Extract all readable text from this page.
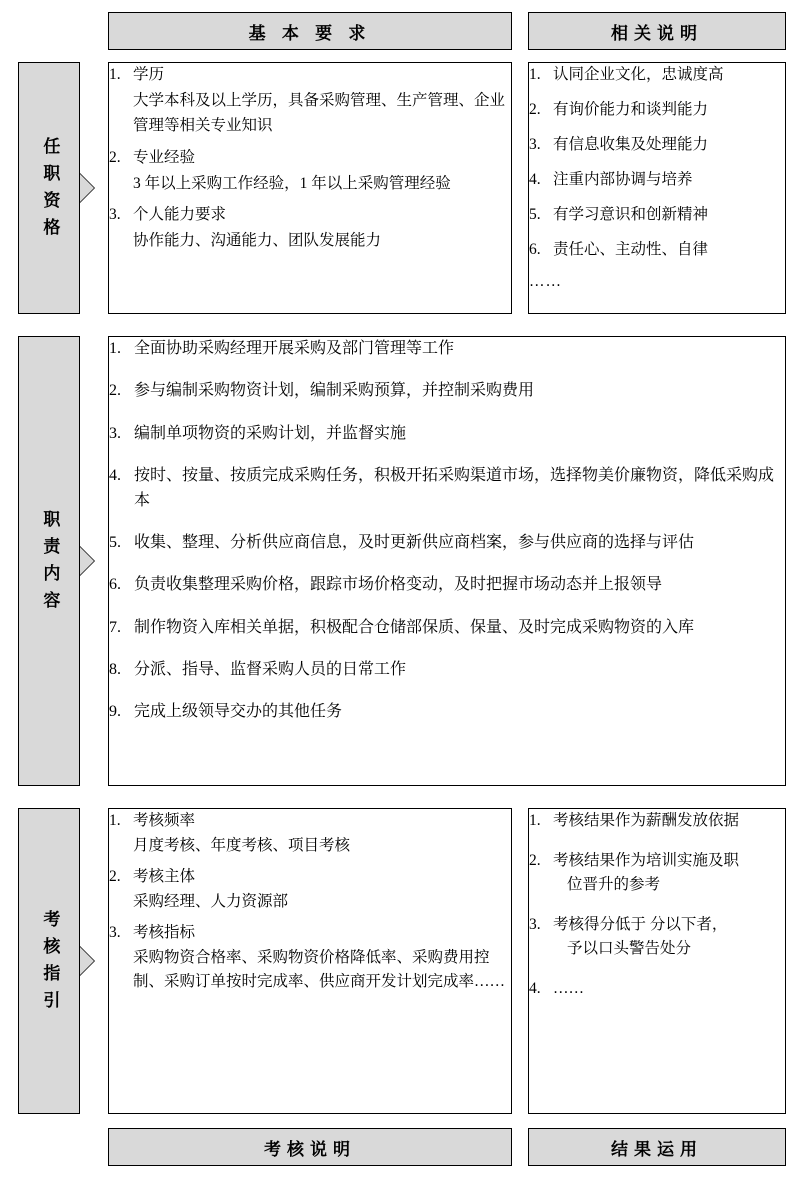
基 本 要 求	相关说明
任职资格
职责内容
考核指引
1. 学历
大学本科及以上学历，具备采购管理、生产管理、企业管理等相关专业知识
2. 专业经验
3 年以上采购工作经验，1 年以上采购管理经验
3. 个人能力要求
协作能力、沟通能力、团队发展能力
1. 认同企业文化，忠诚度高
2. 有询价能力和谈判能力
3. 有信息收集及处理能力
4. 注重内部协调与培养
5. 有学习意识和创新精神
6. 责任心、主动性、自律
……
1. 全面协助采购经理开展采购及部门管理等工作
2. 参与编制采购物资计划，编制采购预算，并控制采购费用
3. 编制单项物资的采购计划，并监督实施
4. 按时、按量、按质完成采购任务，积极开拓采购渠道市场，选择物美价廉物资，降低采购成本
5. 收集、整理、分析供应商信息，及时更新供应商档案，参与供应商的选择与评估
6. 负责收集整理采购价格，跟踪市场价格变动，及时把握市场动态并上报领导
7. 制作物资入库相关单据，积极配合仓储部保质、保量、及时完成采购物资的入库
8. 分派、指导、监督采购人员的日常工作
9. 完成上级领导交办的其他任务
1. 考核频率
月度考核、年度考核、项目考核
2. 考核主体
采购经理、人力资源部
3. 考核指标
采购物资合格率、采购物资价格降低率、采购费用控制、采购订单按时完成率、供应商开发计划完成率……
1. 考核结果作为薪酬发放依据
2. 考核结果作为培训实施及职
位晋升的参考
3. 考核得分低于 分以下者，
予以口头警告处分
4. ……
考核说明	结果运用
